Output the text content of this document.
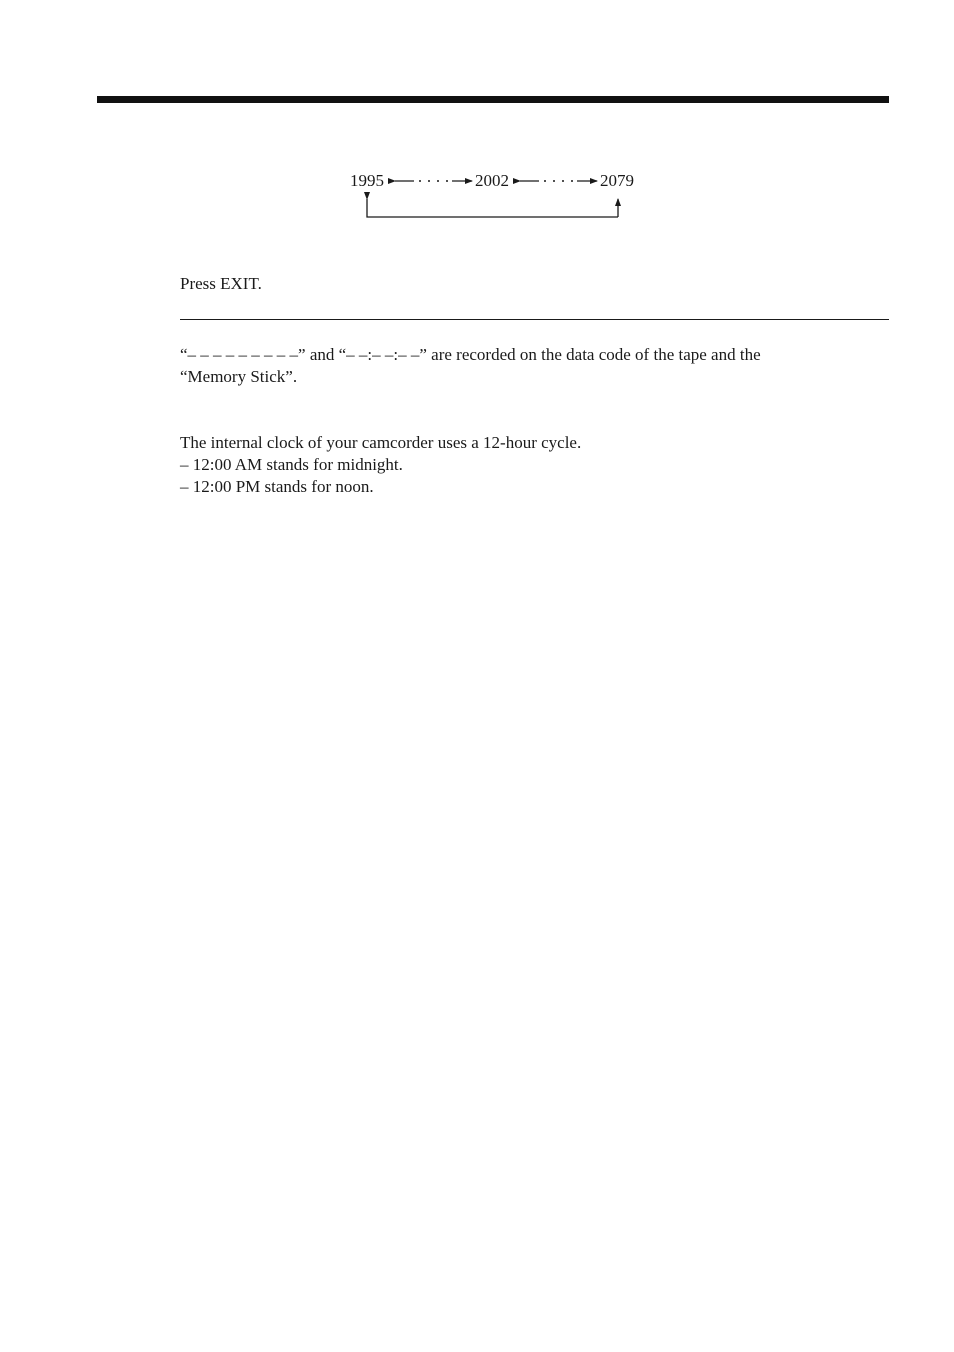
1995	2002	2079

Press EXIT.

“– – – – – – – – –” and “– –:– –:– –” are recorded on the data code of the tape and the

“Memory Stick”.

The internal clock of your camcorder uses a 12-hour cycle.

– 12:00 AM stands for midnight.

– 12:00 PM stands for noon.
